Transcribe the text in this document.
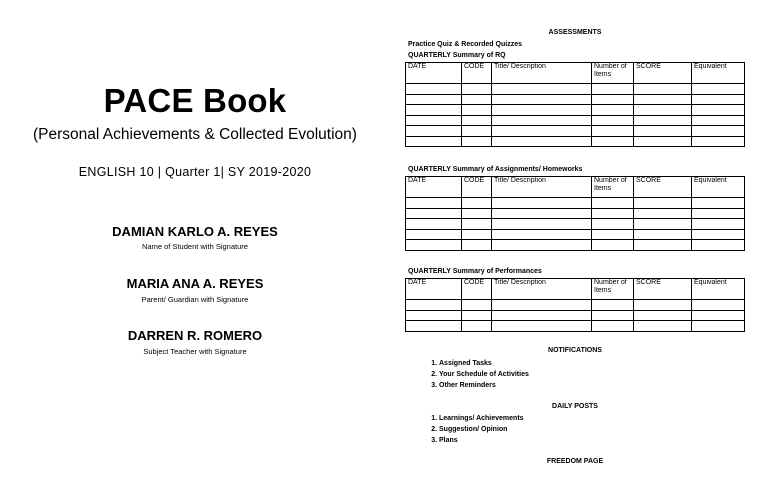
PACE Book
(Personal Achievements & Collected Evolution)
ENGLISH 10 | Quarter 1| SY 2019-2020
DAMIAN KARLO A. REYES
Name of Student with Signature
MARIA ANA A. REYES
Parent/ Guardian with Signature
DARREN R. ROMERO
Subject Teacher with Signature
ASSESSMENTS
Practice Quiz & Recorded Quizzes
QUARTERLY Summary of RQ
DATE	CODE	Title/ Description	Number of Items	SCORE	Equivalent

QUARTERLY Summary of Assignments/ Homeworks
DATE	CODE	Title/ Description	Number of Items	SCORE	Equivalent

QUARTERLY Summary of Performances
DATE	CODE	Title/ Description	Number of Items	SCORE	Equivalent

NOTIFICATIONS
1. Assigned Tasks
2. Your Schedule of Activities
3. Other Reminders
DAILY POSTS
1. Learnings/ Achievements
2. Suggestion/ Opinion
3. Plans
FREEDOM PAGE
